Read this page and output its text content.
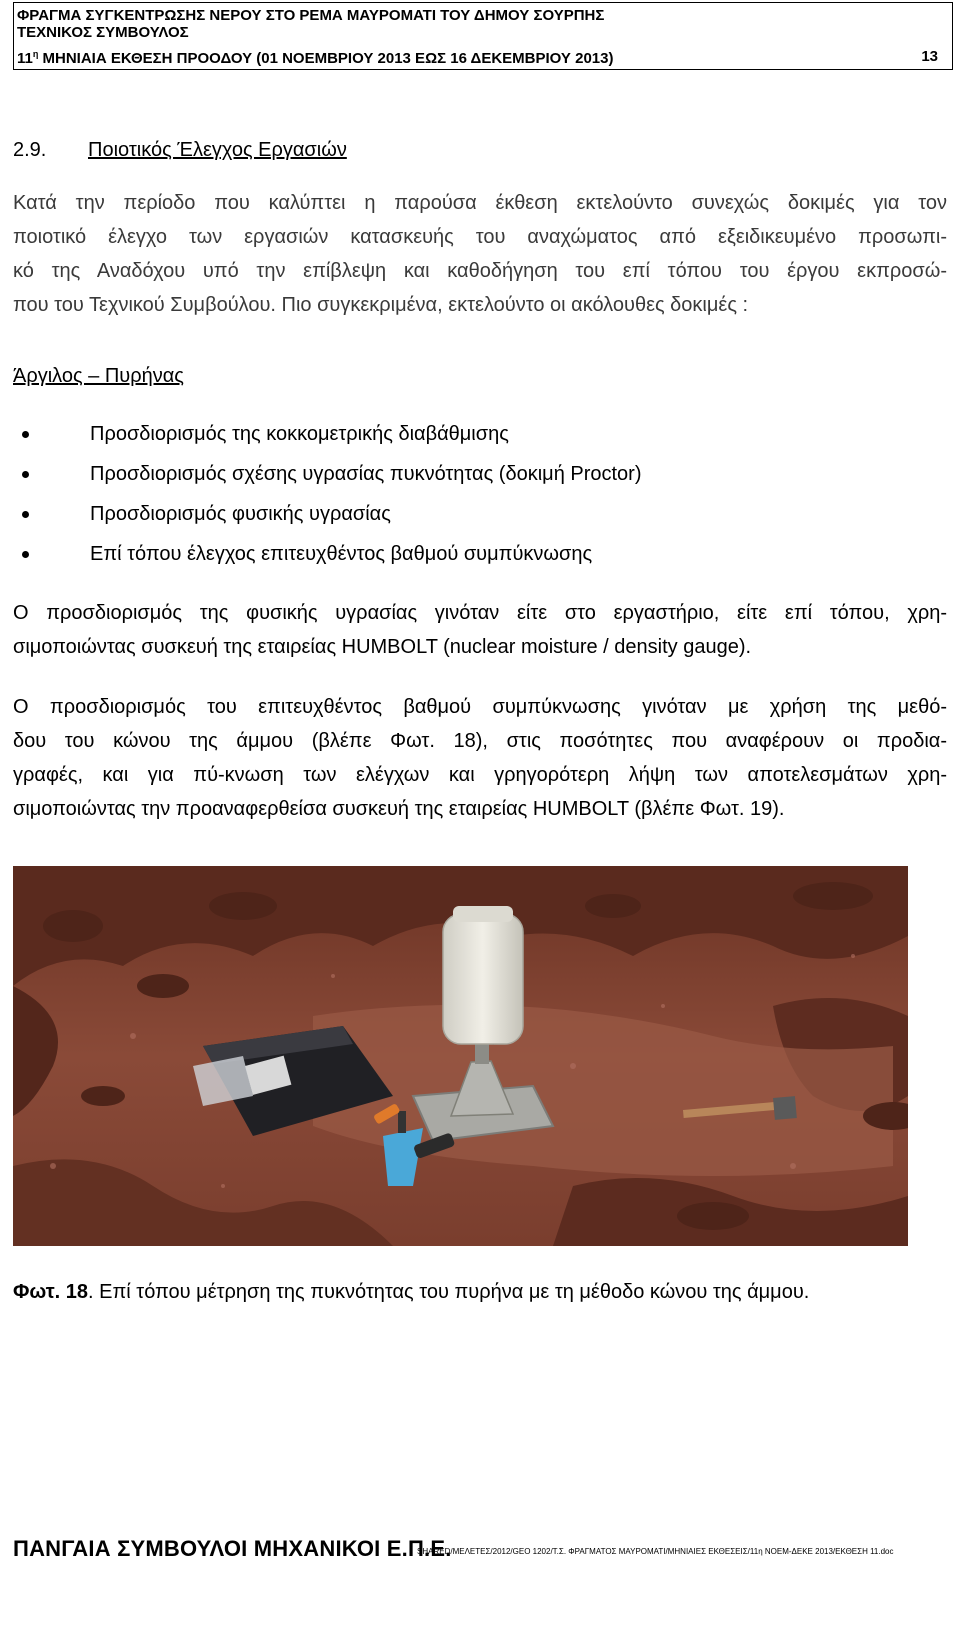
ΦΡΑΓΜΑ ΣΥΓΚΕΝΤΡΩΣΗΣ ΝΕΡΟΥ ΣΤΟ ΡΕΜΑ ΜΑΥΡΟΜΑΤΙ ΤΟΥ ΔΗΜΟΥ ΣΟΥΡΠΗΣ
ΤΕΧΝΙΚΟΣ ΣΥΜΒΟΥΛΟΣ
$11^\eta$ ΜΗΝΙΑΙΑ ΕΚΘΕΣΗ ΠΡΟΟΔΟΥ (01 ΝΟΕΜΒΡΙΟΥ 2013 ΕΩΣ 16 ΔΕΚΕΜΒΡΙΟΥ 2013)	13
2.9. Ποιοτικός Έλεγχος Εργασιών
Κατά την περίοδο που καλύπτει η παρούσα έκθεση εκτελούντο συνεχώς δοκιμές για τον
ποιοτικό έλεγχο των εργασιών κατασκευής του αναχώματος από εξειδικευμένο προσωπι-
κό της Αναδόχου υπό την επίβλεψη και καθοδήγηση του επί τόπου του έργου εκπροσώ-
που του Τεχνικού Συμβούλου. Πιο συγκεκριμένα, εκτελούντο οι ακόλουθες δοκιμές :
Άργιλος – Πυρήνας
Προσδιορισμός της κοκκομετρικής διαβάθμισης
Προσδιορισμός σχέσης υγρασίας πυκνότητας (δοκιμή Proctor)
Προσδιορισμός φυσικής υγρασίας
Επί τόπου έλεγχος επιτευχθέντος βαθμού συμπύκνωσης
Ο προσδιορισμός της φυσικής υγρασίας γινόταν είτε στο εργαστήριο, είτε επί τόπου, χρη-
σιμοποιώντας συσκευή της εταιρείας HUMBOLT (nuclear moisture / density gauge).
Ο προσδιορισμός του επιτευχθέντος βαθμού συμπύκνωσης γινόταν με χρήση της μεθό-
δου του κώνου της άμμου (βλέπε Φωτ. 18), στις ποσότητες που αναφέρουν οι προδια-
γραφές, και για πύ-κνωση των ελέγχων και γρηγορότερη λήψη των αποτελεσμάτων χρη-
σιμοποιώντας την προαναφερθείσα συσκευή της εταιρείας HUMBOLT (βλέπε Φωτ. 19).
Φωτ. 18. Επί τόπου μέτρηση της πυκνότητας του πυρήνα με τη μέθοδο κώνου της άμμου.
ΠΑΝΓΑΙΑ ΣΥΜΒΟΥΛΟΙ ΜΗΧΑΝΙΚΟΙ Ε.Π.Ε.
SHARED/ΜΕΛΕΤΕΣ/2012/GEO 1202/Τ.Σ. ΦΡΑΓΜΑΤΟΣ ΜΑΥΡΟΜΑΤΙ/ΜΗΝΙΑΙΕΣ ΕΚΘΕΣΕΙΣ/11η ΝΟΕΜ-ΔΕΚΕ 2013/ΕΚΘΕΣΗ 11.doc
